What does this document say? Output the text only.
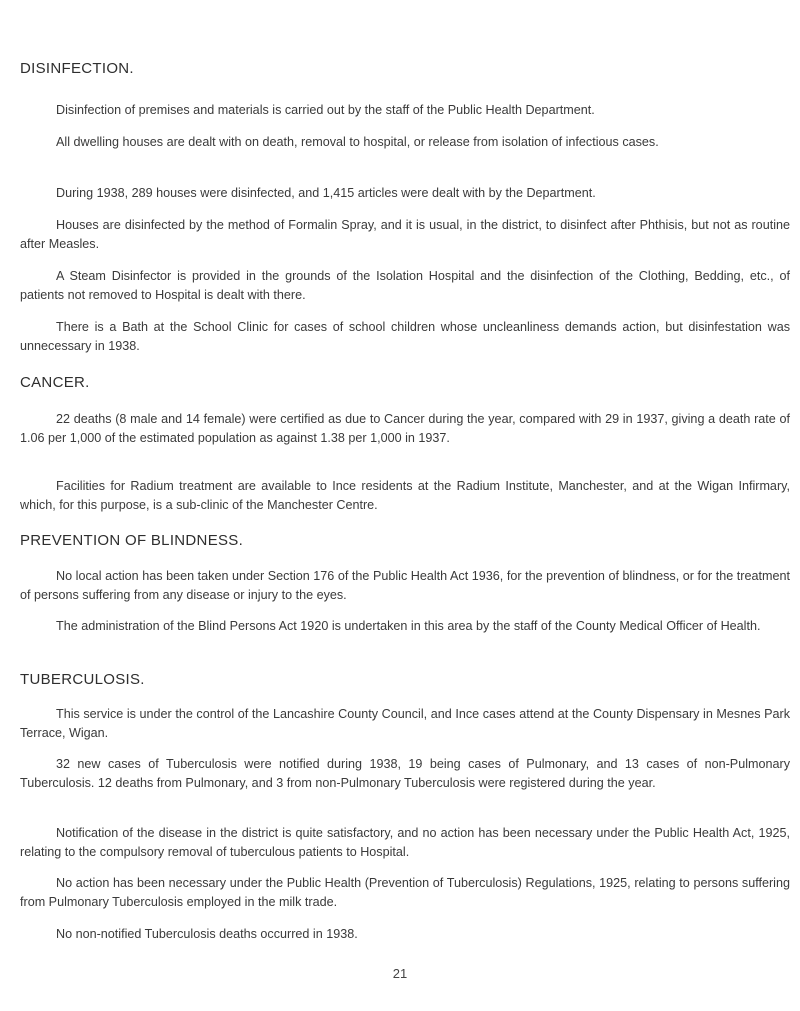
DISINFECTION.

Disinfection of premises and materials is carried out by the staff of the Public Health Department.

All dwelling houses are dealt with on death, removal to hospital, or release from isolation of infectious cases.

During 1938, 289 houses were disinfected, and 1,415 articles were dealt with by the Department.

Houses are disinfected by the method of Formalin Spray, and it is usual, in the district, to disinfect after Phthisis, but not as routine after Measles.

A Steam Disinfector is provided in the grounds of the Isolation Hospital and the disinfection of the Clothing, Bedding, etc., of patients not removed to Hospital is dealt with there.

There is a Bath at the School Clinic for cases of school children whose uncleanliness demands action, but disinfestation was unnecessary in 1938.

CANCER.

22 deaths (8 male and 14 female) were certified as due to Cancer during the year, compared with 29 in 1937, giving a death rate of 1.06 per 1,000 of the estimated population as against 1.38 per 1,000 in 1937.

Facilities for Radium treatment are available to Ince residents at the Radium Institute, Manchester, and at the Wigan Infirmary, which, for this purpose, is a sub-clinic of the Manchester Centre.

PREVENTION OF BLINDNESS.

No local action has been taken under Section 176 of the Public Health Act 1936, for the prevention of blindness, or for the treatment of persons suffering from any disease or injury to the eyes.

The administration of the Blind Persons Act 1920 is undertaken in this area by the staff of the County Medical Officer of Health.

TUBERCULOSIS.

This service is under the control of the Lancashire County Council, and Ince cases attend at the County Dispensary in Mesnes Park Terrace, Wigan.

32 new cases of Tuberculosis were notified during 1938, 19 being cases of Pulmonary, and 13 cases of non-Pulmonary Tuberculosis. 12 deaths from Pulmonary, and 3 from non-Pulmonary Tuberculosis were registered during the year.

Notification of the disease in the district is quite satisfactory, and no action has been necessary under the Public Health Act, 1925, relating to the compulsory removal of tuberculous patients to Hospital.

No action has been necessary under the Public Health (Prevention of Tuberculosis) Regulations, 1925, relating to persons suffering from Pulmonary Tuberculosis employed in the milk trade.

No non-notified Tuberculosis deaths occurred in 1938.

21
